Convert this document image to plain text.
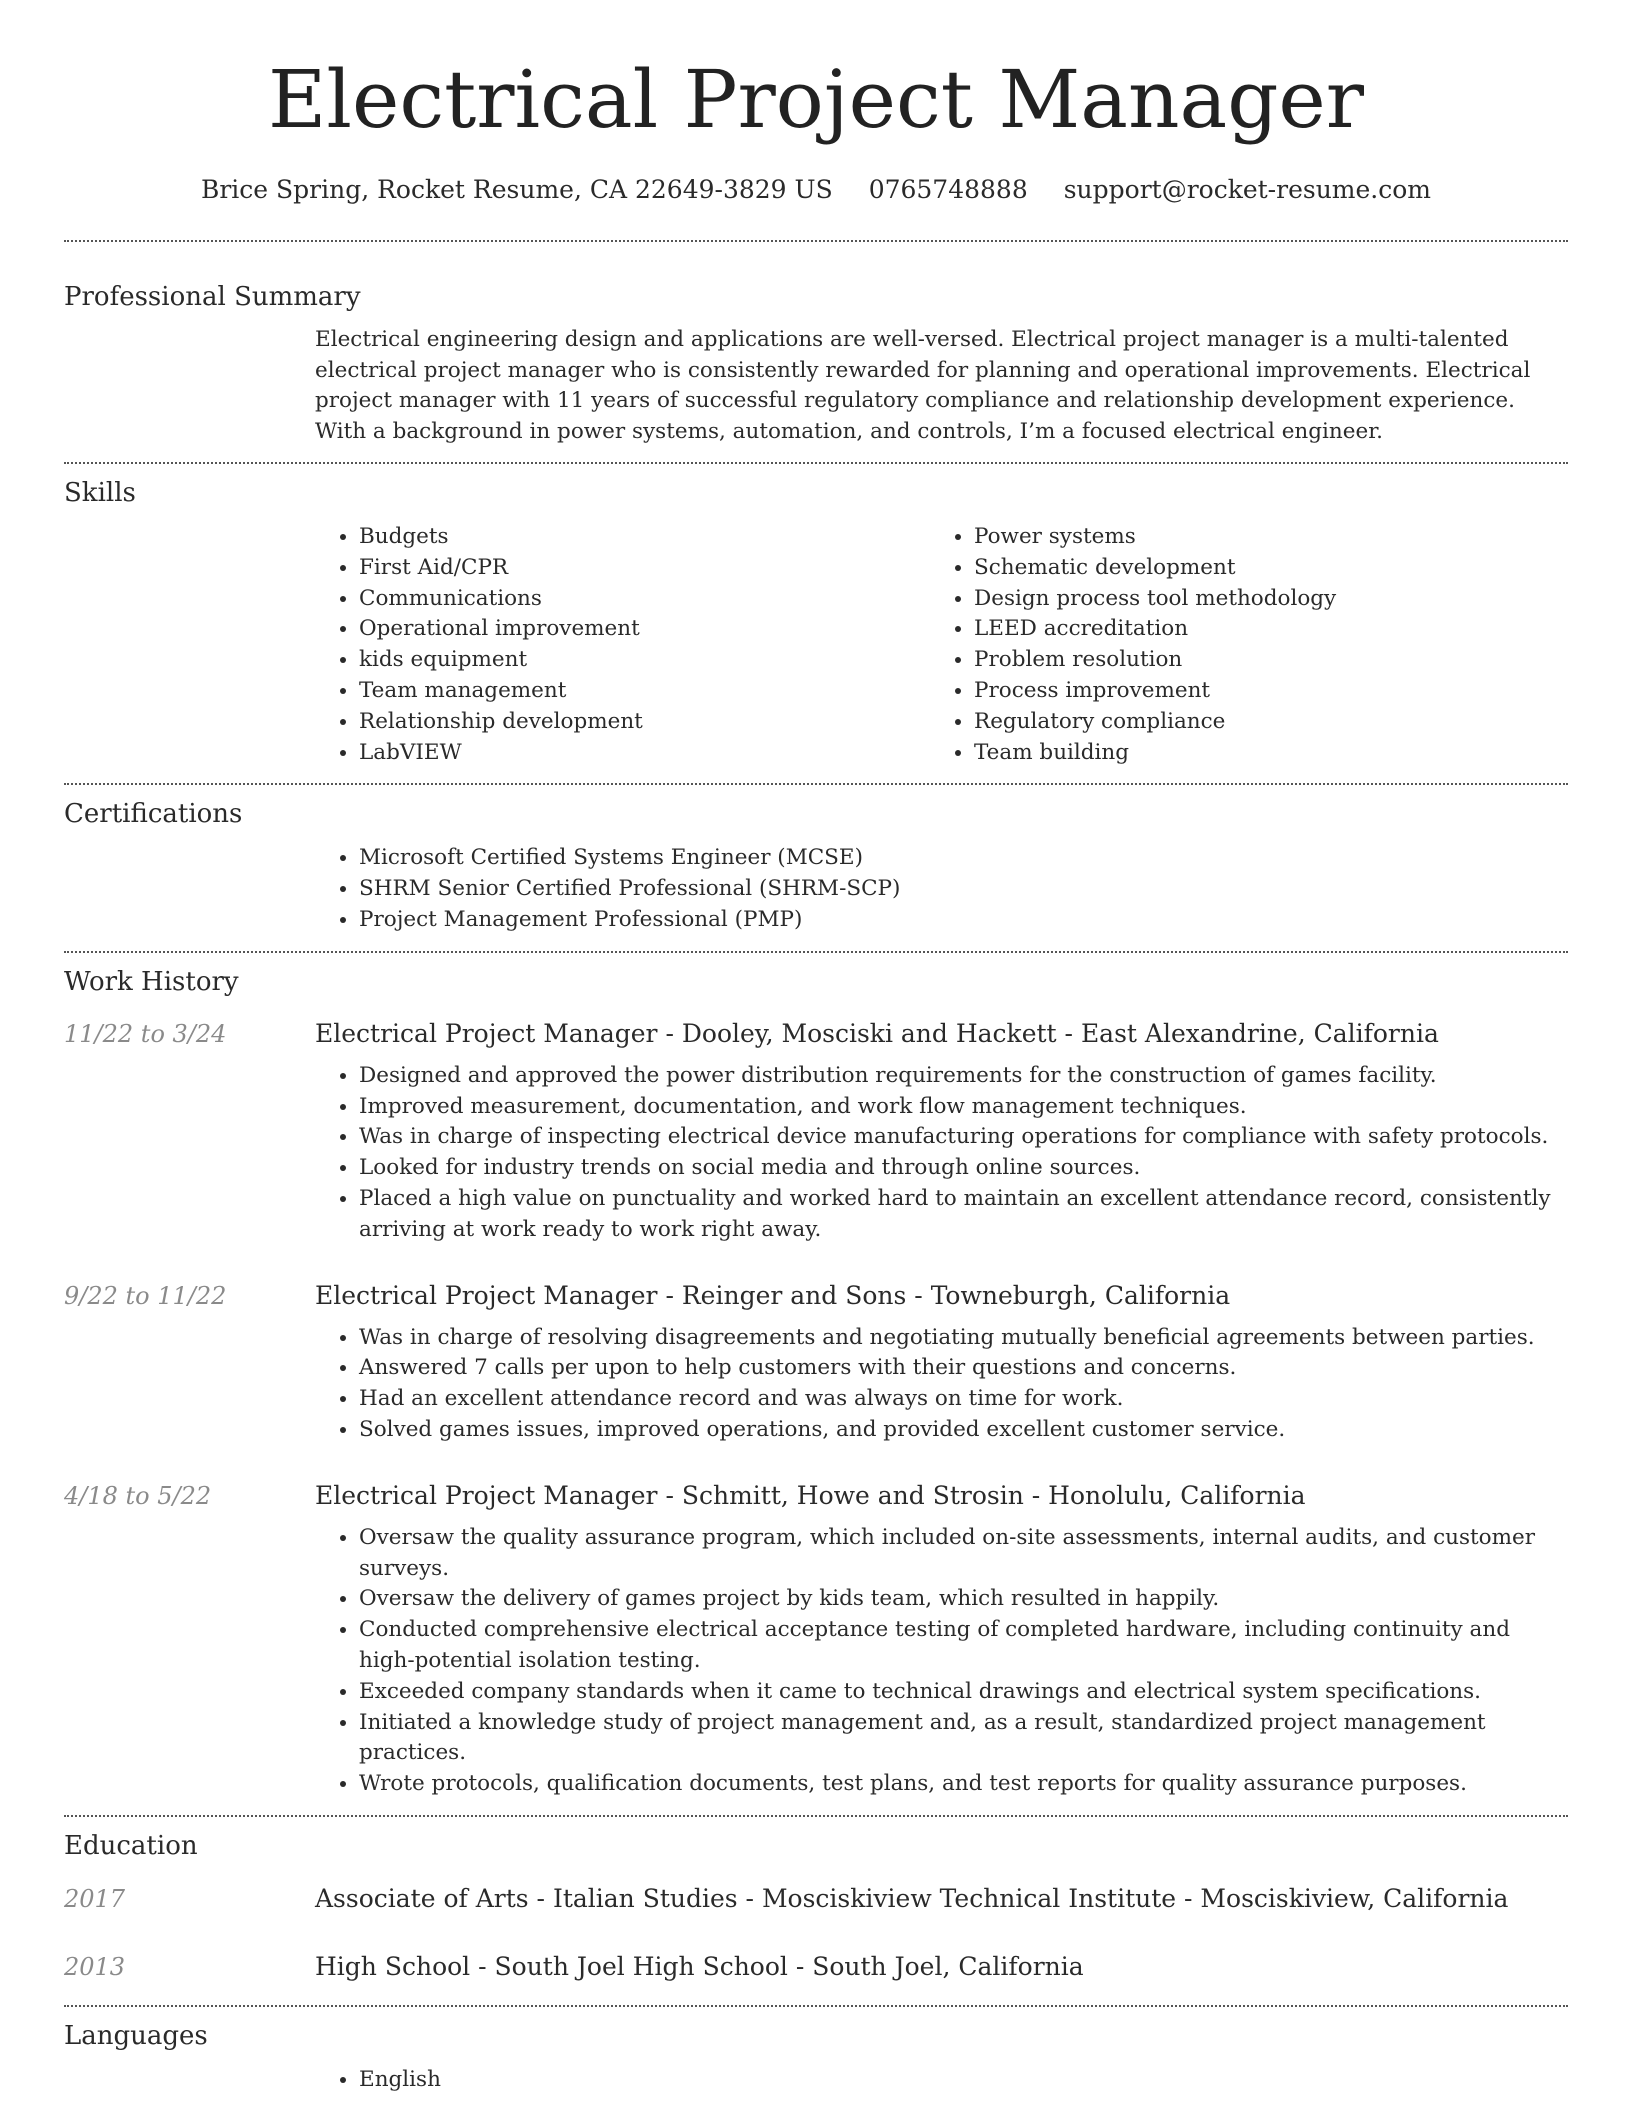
Electrical Project Manager
Brice Spring, Rocket Resume, CA 22649-3829 US 0765748888 support@rocket-resume.com
Professional Summary

Electrical engineering design and applications are well-versed. Electrical project manager is a multi-talented electrical project manager who is consistently rewarded for planning and operational improvements. Electrical project manager with 11 years of successful regulatory compliance and relationship development experience. With a background in power systems, automation, and controls, I’m a focused electrical engineer.

Skills
• Budgets
• First Aid/CPR
• Communications
• Operational improvement
• kids equipment
• Team management
• Relationship development
• LabVIEW
• Power systems
• Schematic development
• Design process tool methodology
• LEED accreditation
• Problem resolution
• Process improvement
• Regulatory compliance
• Team building
Certifications
• Microsoft Certified Systems Engineer (MCSE)
• SHRM Senior Certified Professional (SHRM-SCP)
• Project Management Professional (PMP)
Work History
11/22 to 3/24	Electrical Project Manager - Dooley, Mosciski and Hackett - East Alexandrine, California
• Designed and approved the power distribution requirements for the construction of games facility.
• Improved measurement, documentation, and work flow management techniques.
• Was in charge of inspecting electrical device manufacturing operations for compliance with safety protocols.
• Looked for industry trends on social media and through online sources.
• Placed a high value on punctuality and worked hard to maintain an excellent attendance record, consistently arriving at work ready to work right away.
9/22 to 11/22	Electrical Project Manager - Reinger and Sons - Towneburgh, California
• Was in charge of resolving disagreements and negotiating mutually beneficial agreements between parties.
• Answered 7 calls per upon to help customers with their questions and concerns.
• Had an excellent attendance record and was always on time for work.
• Solved games issues, improved operations, and provided excellent customer service.
4/18 to 5/22	Electrical Project Manager - Schmitt, Howe and Strosin - Honolulu, California
• Oversaw the quality assurance program, which included on-site assessments, internal audits, and customer surveys.
• Oversaw the delivery of games project by kids team, which resulted in happily.
• Conducted comprehensive electrical acceptance testing of completed hardware, including continuity and high-potential isolation testing.
• Exceeded company standards when it came to technical drawings and electrical system specifications.
• Initiated a knowledge study of project management and, as a result, standardized project management practices.
• Wrote protocols, qualification documents, test plans, and test reports for quality assurance purposes.
Education
2017	Associate of Arts - Italian Studies - Mosciskiview Technical Institute - Mosciskiview, California
2013	High School - South Joel High School - South Joel, California
Languages
• English
